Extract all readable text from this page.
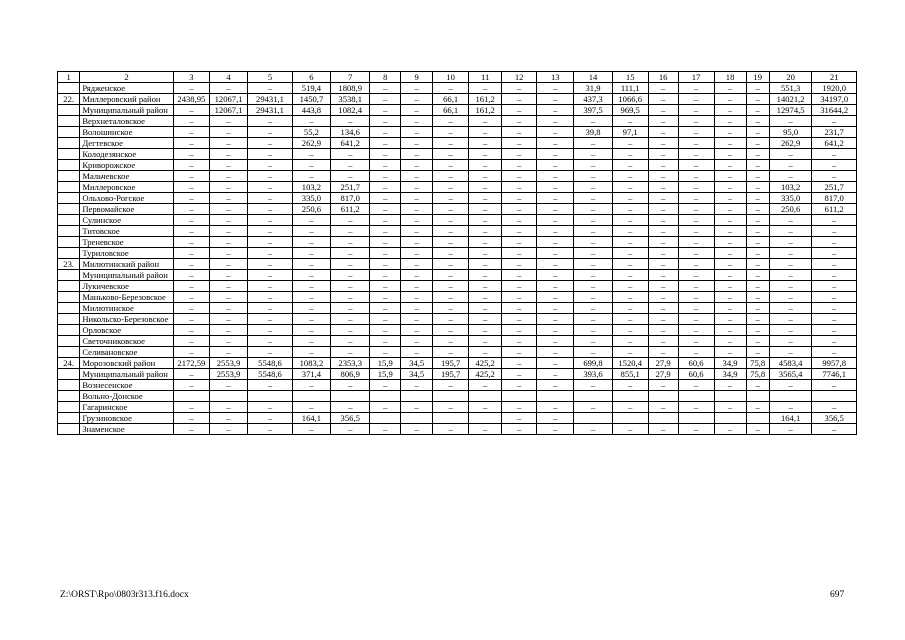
1	2	3	4	5	6	7	8	9	10	11	12	13	14	15	16	17	18	19	20	21
	Рядженское	–	–	–	519,4	1808,9	–	–	–	–	–	–	31,9	111,1	–	–	–	–	551,3	1920,0
22.	Миллеровский район	2438,95	12067,1	29431,1	1450,7	3538,1	–	–	66,1	161,2	–	–	437,3	1066,6	–	–	–	–	14021,2	34197,0
	Муниципальный район	–	12067,1	29431,1	443,8	1082,4	–	–	66,1	161,2	–	–	397,5	969,5	–	–	–	–	12974,5	31644,2
	Верхнеталовское	–	–	–	–	–	–	–	–	–	–	–	–	–	–	–	–	–	–	–
	Волошинское	–	–	–	55,2	134,6	–	–	–	–	–	–	39,8	97,1	–	–	–	–	95,0	231,7
	Дегтевское	–	–	–	262,9	641,2	–	–	–	–	–	–	–	–	–	–	–	–	262,9	641,2
	Колодезянское	–	–	–	–	–	–	–	–	–	–	–	–	–	–	–	–	–	–	–
	Криворожское	–	–	–	–	–	–	–	–	–	–	–	–	–	–	–	–	–	–	–
	Мальчевское	–	–	–	–	–	–	–	–	–	–	–	–	–	–	–	–	–	–	–
	Миллеровское	–	–	–	103,2	251,7	–	–	–	–	–	–	–	–	–	–	–	–	103,2	251,7
	Ольхово-Рогское	–	–	–	335,0	817,0	–	–	–	–	–	–	–	–	–	–	–	–	335,0	817,0
	Первомайское	–	–	–	250,6	611,2	–	–	–	–	–	–	–	–	–	–	–	–	250,6	611,2
	Сулинское	–	–	–	–	–	–	–	–	–	–	–	–	–	–	–	–	–	–	–
	Титовское	–	–	–	–	–	–	–	–	–	–	–	–	–	–	–	–	–	–	–
	Треневское	–	–	–	–	–	–	–	–	–	–	–	–	–	–	–	–	–	–	–
	Туриловское	–	–	–	–	–	–	–	–	–	–	–	–	–	–	–	–	–	–	–
23.	Милютинский район	–	–	–	–	–	–	–	–	–	–	–	–	–	–	–	–	–	–	–
	Муниципальный район	–	–	–	–	–	–	–	–	–	–	–	–	–	–	–	–	–	–	–
	Лукичевское	–	–	–	–	–	–	–	–	–	–	–	–	–	–	–	–	–	–	–
	Маньково-Березовское	–	–	–	–	–	–	–	–	–	–	–	–	–	–	–	–	–	–	–
	Милютинское	–	–	–	–	–	–	–	–	–	–	–	–	–	–	–	–	–	–	–
	Никольско-Березовское	–	–	–	–	–	–	–	–	–	–	–	–	–	–	–	–	–	–	–
	Орловское	–	–	–	–	–	–	–	–	–	–	–	–	–	–	–	–	–	–	–
	Светочниковское	–	–	–	–	–	–	–	–	–	–	–	–	–	–	–	–	–	–	–
	Селивановское	–	–	–	–	–	–	–	–	–	–	–	–	–	–	–	–	–	–	–
24.	Морозовский район	2172,59	2553,9	5548,6	1083,2	2353,3	15,9	34,5	195,7	425,2	–	–	699,8	1520,4	27,9	60,6	34,9	75,8	4583,4	9957,8
	Муниципальный район	–	2553,9	5548,6	371,4	806,9	15,9	34,5	195,7	425,2	–	–	393,6	855,1	27,9	60,6	34,9	75,8	3565,4	7746,1
	Вознесенское	–	–	–	–	–	–	–	–	–	–	–	–	–	–	–	–	–	–	–
	Вольно-Донское																			
	Гагаринское	–	–	–	–	–	–	–	–	–	–	–	–	–	–	–	–	–	–	–
	Грузиновское	–	–	–	164,1	356,5					–	–							164,1	356,5
	Знаменское	–	–	–	–	–	–	–	–	–	–	–	–	–	–	–	–	–	–	–
Z:\ORST\Rpo\0803r313.f16.docx	697
